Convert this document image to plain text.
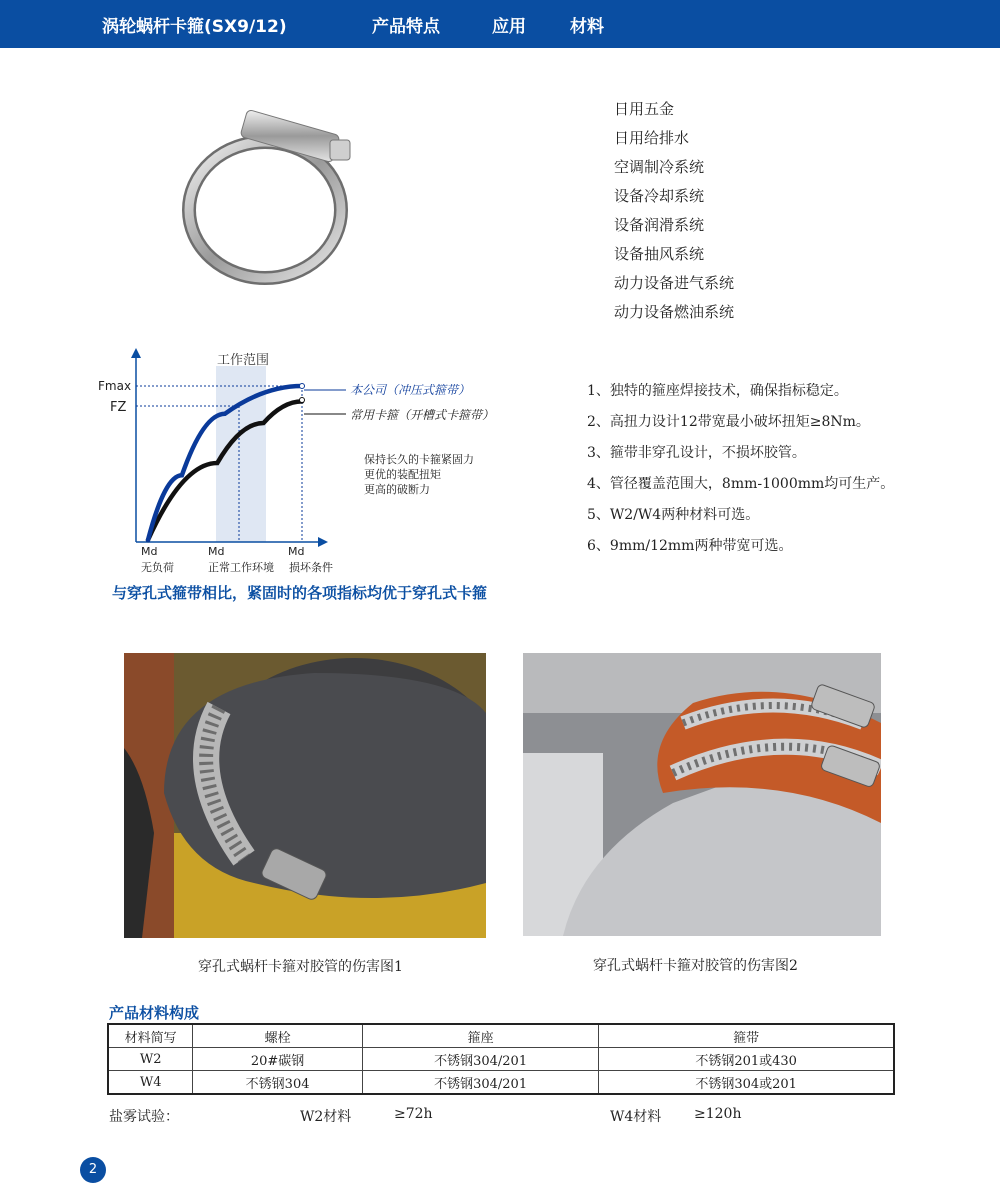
涡轮蜗杆卡箍(SX9/12)	产品特点	应用	材料
日用五金
日用给排水
空调制冷系统
设备冷却系统
设备润滑系统
设备抽风系统
动力设备进气系统
动力设备燃油系统
工作范围
Fmax
FZ
本公司（冲压式箍带）
常用卡箍（开槽式卡箍带）
保持长久的卡箍紧固力
更优的装配扭矩
更高的破断力
Md	Md	Md
无负荷	正常工作环境 损坏条件
与穿孔式箍带相比，紧固时的各项指标均优于穿孔式卡箍
1、独特的箍座焊接技术，确保指标稳定。
2、高扭力设计12带宽最小破坏扭矩≥8Nm。
3、箍带非穿孔设计，不损坏胶管。
4、管径覆盖范围大，8mm-1000mm均可生产。
5、W2/W4两种材料可选。
6、9mm/12mm两种带宽可选。
穿孔式蜗杆卡箍对胶管的伤害图1	穿孔式蜗杆卡箍对胶管的伤害图2
产品材料构成
材料简写	螺栓	箍座	箍带
W2	20#碳钢	不锈钢304/201	不锈钢201或430
W4	不锈钢304	不锈钢304/201	不锈钢304或201
盐雾试验：	W2材料	≥72h	W4材料 ≥120h
2
